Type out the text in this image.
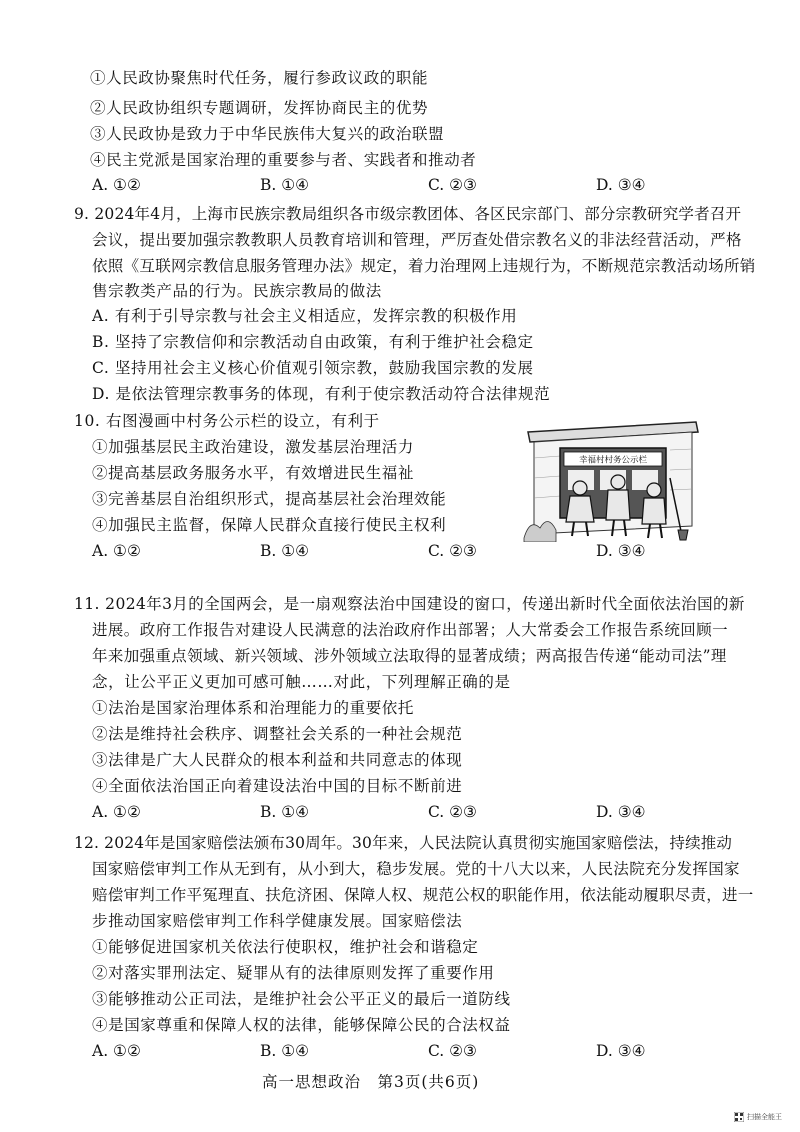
①人民政协聚焦时代任务，履行参政议政的职能
②人民政协组织专题调研，发挥协商民主的优势
③人民政协是致力于中华民族伟大复兴的政治联盟
④民主党派是国家治理的重要参与者、实践者和推动者
A. ①②	B. ①④	C. ②③	D. ③④
9. 2024年4月，上海市民族宗教局组织各市级宗教团体、各区民宗部门、部分宗教研究学者召开
会议，提出要加强宗教教职人员教育培训和管理，严厉查处借宗教名义的非法经营活动，严格
依照《互联网宗教信息服务管理办法》规定，着力治理网上违规行为，不断规范宗教活动场所销
售宗教类产品的行为。民族宗教局的做法
A. 有利于引导宗教与社会主义相适应，发挥宗教的积极作用
B. 坚持了宗教信仰和宗教活动自由政策，有利于维护社会稳定
C. 坚持用社会主义核心价值观引领宗教，鼓励我国宗教的发展
D. 是依法管理宗教事务的体现，有利于使宗教活动符合法律规范
10. 右图漫画中村务公示栏的设立，有利于
①加强基层民主政治建设，激发基层治理活力
②提高基层政务服务水平，有效增进民生福祉
③完善基层自治组织形式，提高基层社会治理效能
④加强民主监督，保障人民群众直接行使民主权利
A. ①②	B. ①④	C. ②③	D. ③④
幸福村村务公示栏
11. 2024年3月的全国两会，是一扇观察法治中国建设的窗口，传递出新时代全面依法治国的新
进展。政府工作报告对建设人民满意的法治政府作出部署；人大常委会工作报告系统回顾一
年来加强重点领域、新兴领域、涉外领域立法取得的显著成绩；两高报告传递“能动司法”理
念，让公平正义更加可感可触……对此，下列理解正确的是
①法治是国家治理体系和治理能力的重要依托
②法是维持社会秩序、调整社会关系的一种社会规范
③法律是广大人民群众的根本利益和共同意志的体现
④全面依法治国正向着建设法治中国的目标不断前进
A. ①②	B. ①④	C. ②③	D. ③④
12. 2024年是国家赔偿法颁布30周年。30年来，人民法院认真贯彻实施国家赔偿法，持续推动
国家赔偿审判工作从无到有，从小到大，稳步发展。党的十八大以来，人民法院充分发挥国家
赔偿审判工作平冤理直、扶危济困、保障人权、规范公权的职能作用，依法能动履职尽责，进一
步推动国家赔偿审判工作科学健康发展。国家赔偿法
①能够促进国家机关依法行使职权，维护社会和谐稳定
②对落实罪刑法定、疑罪从有的法律原则发挥了重要作用
③能够推动公正司法，是维护社会公平正义的最后一道防线
④是国家尊重和保障人权的法律，能够保障公民的合法权益
A. ①②	B. ①④	C. ②③	D. ③④
高一思想政治　第3页(共6页)
扫描全能王
